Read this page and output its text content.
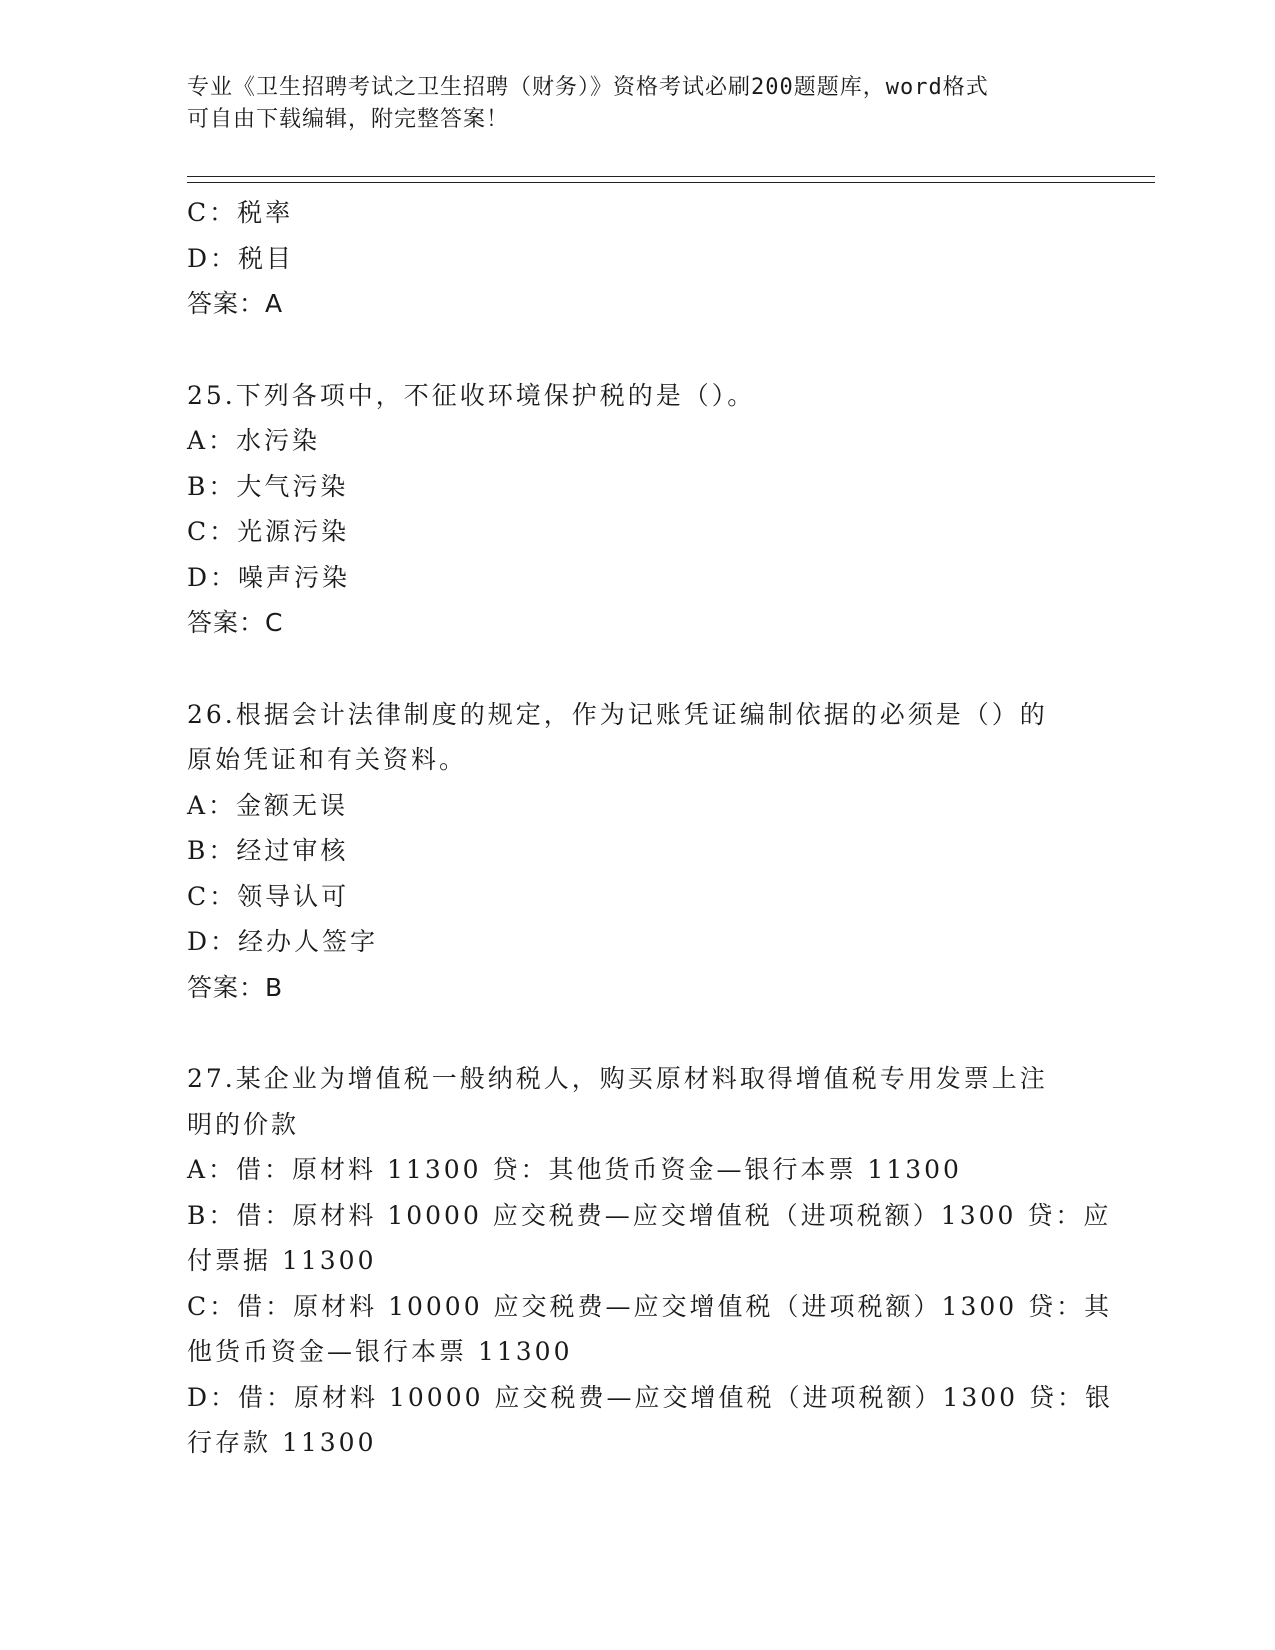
专业《卫生招聘考试之卫生招聘（财务）》资格考试必刷200题题库，word格式
可自由下载编辑，附完整答案！
C：税率
D：税目
答案：A
25.下列各项中，不征收环境保护税的是（）。
A：水污染
B：大气污染
C：光源污染
D：噪声污染
答案：C
26.根据会计法律制度的规定，作为记账凭证编制依据的必须是（）的
原始凭证和有关资料。
A：金额无误
B：经过审核
C：领导认可
D：经办人签字
答案：B
27.某企业为增值税一般纳税人，购买原材料取得增值税专用发票上注
明的价款
A：借：原材料 11300 贷：其他货币资金—银行本票 11300
B：借：原材料 10000 应交税费—应交增值税（进项税额）1300 贷：应
付票据 11300
C：借：原材料 10000 应交税费—应交增值税（进项税额）1300 贷：其
他货币资金—银行本票 11300
D：借：原材料 10000 应交税费—应交增值税（进项税额）1300 贷：银
行存款 11300
